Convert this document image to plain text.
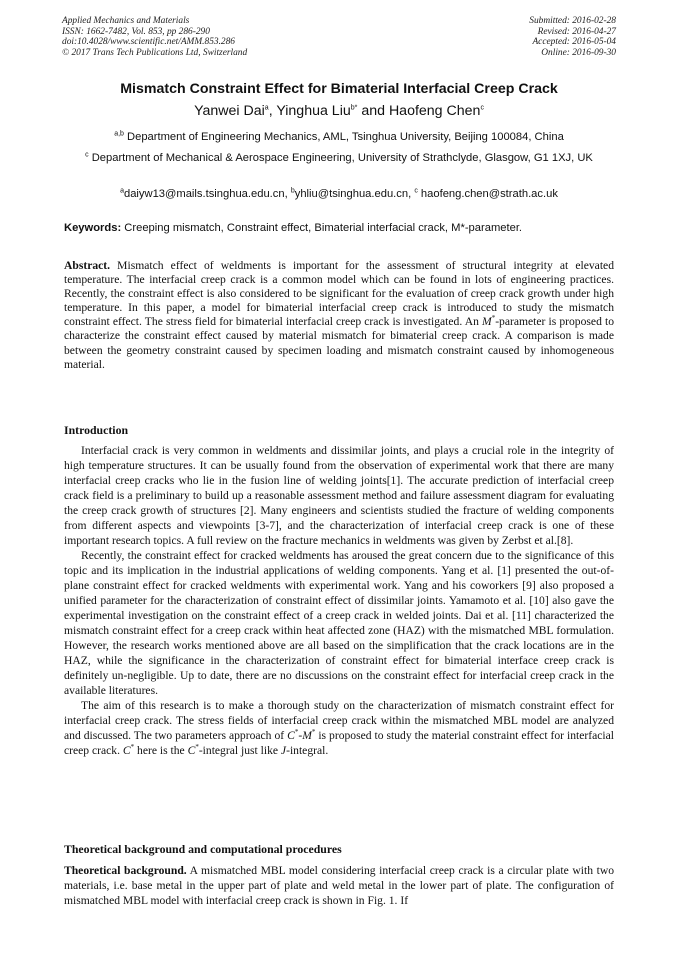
Applied Mechanics and Materials
ISSN: 1662-7482, Vol. 853, pp 286-290
doi:10.4028/www.scientific.net/AMM.853.286
© 2017 Trans Tech Publications Ltd, Switzerland
Submitted: 2016-02-28
Revised: 2016-04-27
Accepted: 2016-05-04
Online: 2016-09-30
Mismatch Constraint Effect for Bimaterial Interfacial Creep Crack
Yanwei Dai$^a$, Yinghua Liu$^{b*}$ and Haofeng Chen$^c$
$^{a,b}$ Department of Engineering Mechanics, AML, Tsinghua University, Beijing 100084, China
$^c$ Department of Mechanical & Aerospace Engineering, University of Strathclyde, Glasgow, G1 1XJ, UK
$^a$daiyw13@mails.tsinghua.edu.cn, $^b$yhliu@tsinghua.edu.cn, $^c$ haofeng.chen@strath.ac.uk
Keywords: Creeping mismatch, Constraint effect, Bimaterial interfacial crack, M*-parameter.
Abstract. Mismatch effect of weldments is important for the assessment of structural integrity at elevated temperature. The interfacial creep crack is a common model which can be found in lots of engineering practices. Recently, the constraint effect is also considered to be significant for the evaluation of creep crack growth under high temperature. In this paper, a model for bimaterial interfacial creep crack is introduced to study the mismatch constraint effect. The stress field for bimaterial interfacial creep crack is investigated. An M*-parameter is proposed to characterize the constraint effect caused by material mismatch for bimaterial creep crack. A comparison is made between the geometry constraint caused by specimen loading and mismatch constraint caused by inhomogeneous material.
Introduction

Interfacial crack is very common in weldments and dissimilar joints, and plays a crucial role in the integrity of high temperature structures. It can be usually found from the observation of experimental work that there are many interfacial creep cracks who lie in the fusion line of welding joints[1]. The accurate prediction of interfacial creep crack field is a preliminary to build up a reasonable assessment method and failure assessment diagram for evaluating the creep crack growth of structures [2]. Many engineers and scientists studied the fracture of welding components from different aspects and viewpoints [3-7], and the characterization of interfacial creep crack is one of these important research topics. A full review on the fracture mechanics in weldments was given by Zerbst et al.[8].

Recently, the constraint effect for cracked weldments has aroused the great concern due to the significance of this topic and its implication in the industrial applications of welding components. Yang et al. [1] presented the out-of-plane constraint effect for cracked weldments with experimental work. Yang and his coworkers [9] also proposed a unified parameter for the characterization of constraint effect of dissimilar joints. Yamamoto et al. [10] also gave the experimental investigation on the constraint effect of a creep crack in welded joints. Dai et al. [11] characterized the mismatch constraint effect for a creep crack within heat affected zone (HAZ) with the mismatched MBL formulation. However, the research works mentioned above are all based on the simplification that the crack locations are in the HAZ, while the significance in the characterization of constraint effect for bimaterial interface creep crack is definitely un-negligible. Up to date, there are no discussions on the constraint effect for interfacial creep crack in the available literatures.

The aim of this research is to make a thorough study on the characterization of mismatch constraint effect for interfacial creep crack. The stress fields of interfacial creep crack within the mismatched MBL model are analyzed and discussed. The two parameters approach of C*-M* is proposed to study the material constraint effect for interfacial creep crack. C* here is the C*-integral just like J-integral.

Theoretical background and computational procedures

Theoretical background. A mismatched MBL model considering interfacial creep crack is a circular plate with two materials, i.e. base metal in the upper part of plate and weld metal in the lower part of plate. The configuration of mismatched MBL model with interfacial creep crack is shown in Fig. 1. If
